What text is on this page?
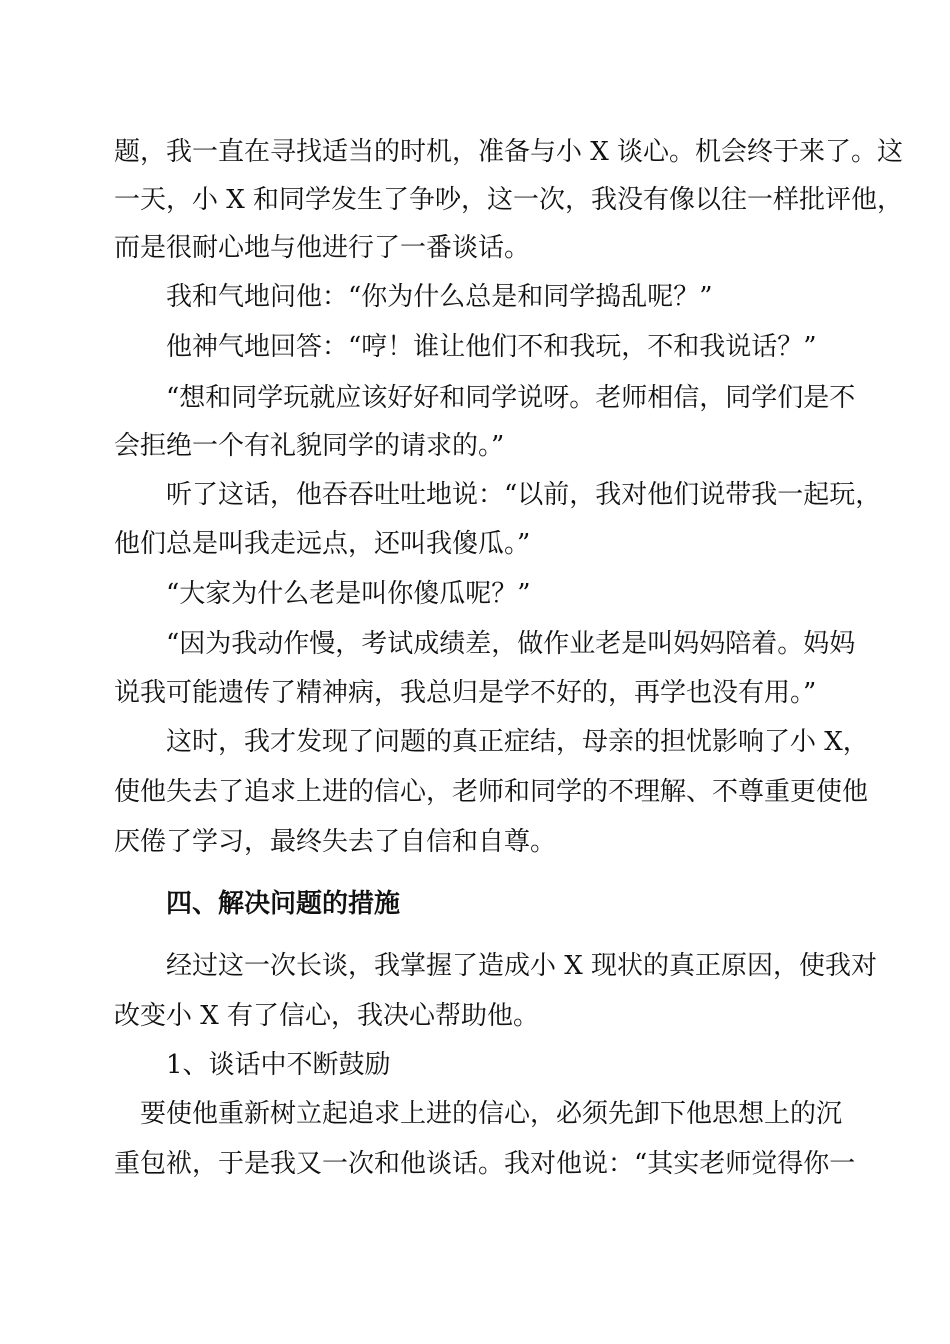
题，我一直在寻找适当的时机，准备与小 X 谈心。机会终于来了。这
一天，小 X 和同学发生了争吵，这一次，我没有像以往一样批评他，
而是很耐心地与他进行了一番谈话。
我和气地问他：“你为什么总是和同学捣乱呢？”
他神气地回答：“哼！谁让他们不和我玩，不和我说话？”
“想和同学玩就应该好好和同学说呀。老师相信，同学们是不
会拒绝一个有礼貌同学的请求的。”
听了这话，他吞吞吐吐地说：“以前，我对他们说带我一起玩，
他们总是叫我走远点，还叫我傻瓜。”
“大家为什么老是叫你傻瓜呢？”
“因为我动作慢，考试成绩差，做作业老是叫妈妈陪着。妈妈
说我可能遗传了精神病，我总归是学不好的，再学也没有用。”
这时，我才发现了问题的真正症结，母亲的担忧影响了小 X，
使他失去了追求上进的信心，老师和同学的不理解、不尊重更使他
厌倦了学习，最终失去了自信和自尊。
四、解决问题的措施
经过这一次长谈，我掌握了造成小 X 现状的真正原因，使我对
改变小 X 有了信心，我决心帮助他。
1、谈话中不断鼓励
要使他重新树立起追求上进的信心，必须先卸下他思想上的沉
重包袱，于是我又一次和他谈话。我对他说：“其实老师觉得你一
